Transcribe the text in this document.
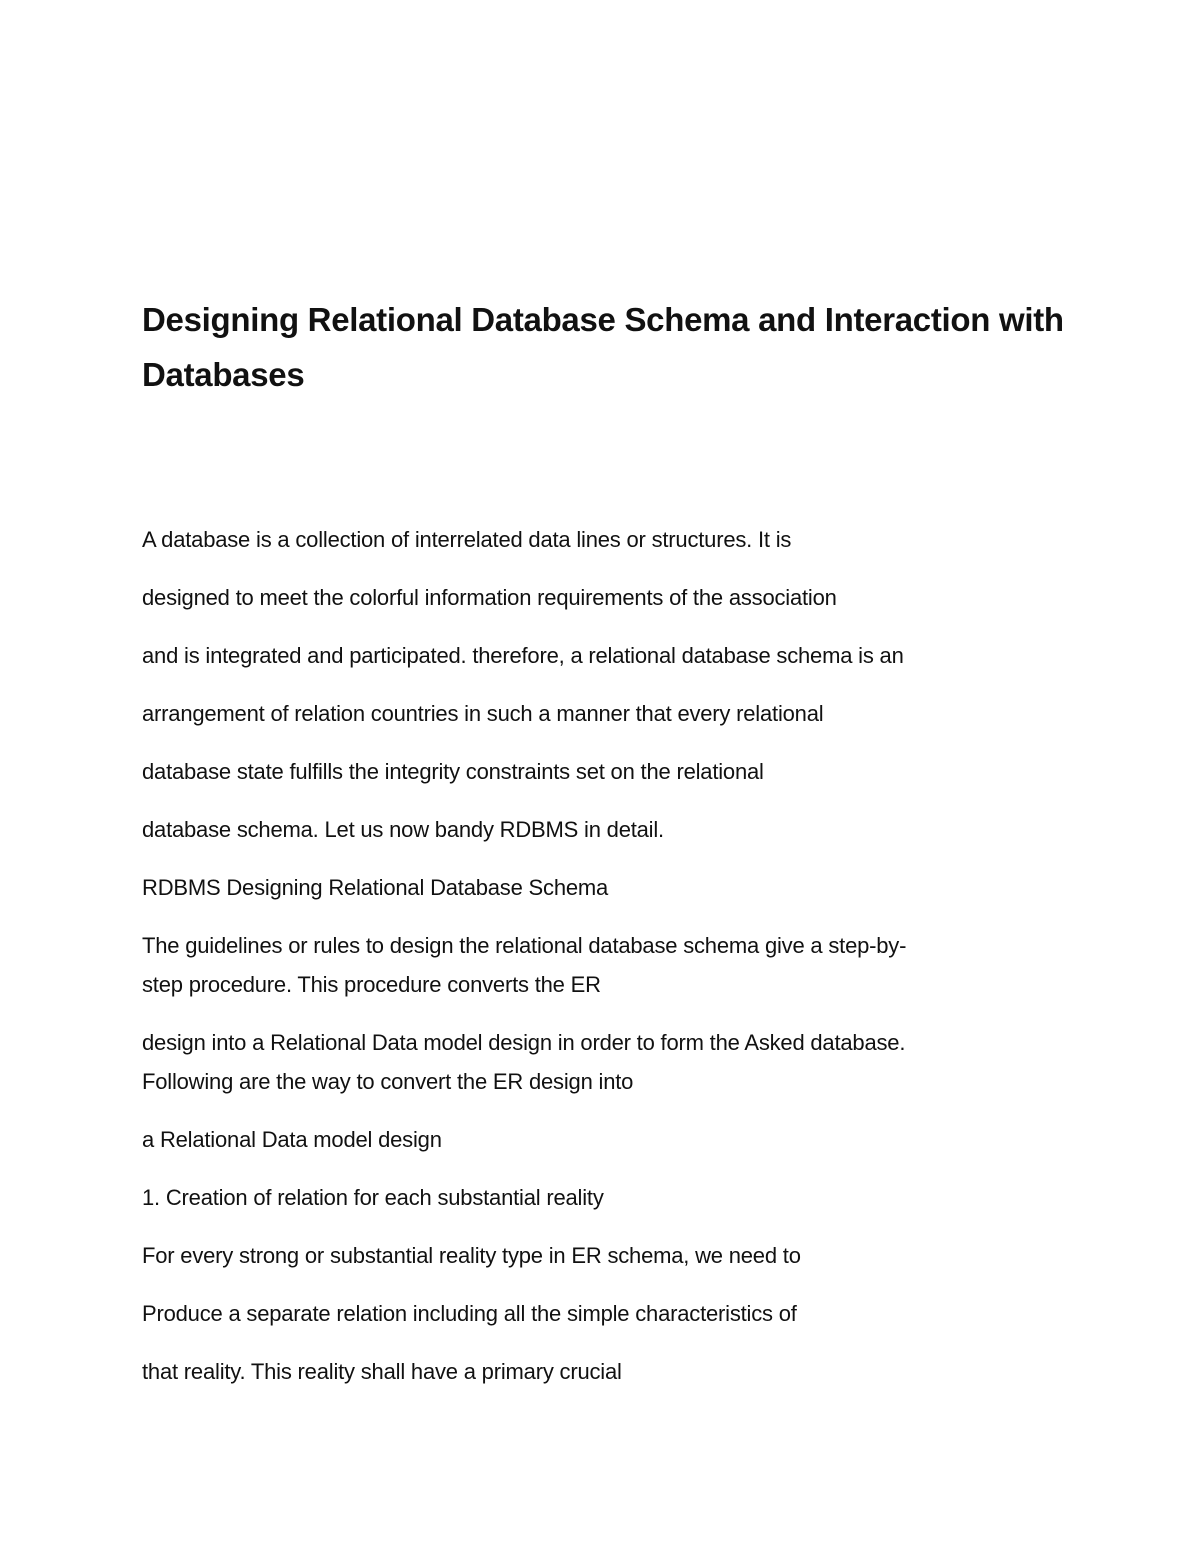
Designing Relational Database Schema and Interaction with Databases

A database is a collection of interrelated data lines or structures. It is

designed to meet the colorful information requirements of the association

and is integrated and participated. therefore, a relational database schema is an

arrangement of relation countries in such a manner that every relational

database state fulfills the integrity constraints set on the relational

database schema. Let us now bandy RDBMS in detail.

RDBMS Designing Relational Database Schema

The guidelines or rules to design the relational database schema give a step-by-

step procedure. This procedure converts the ER

design into a Relational Data model design in order to form the Asked database.

Following are the way to convert the ER design into

a Relational Data model design

1. Creation of relation for each substantial reality

For every strong or substantial reality type in ER schema, we need to

Produce a separate relation including all the simple characteristics of

that reality. This reality shall have a primary crucial
